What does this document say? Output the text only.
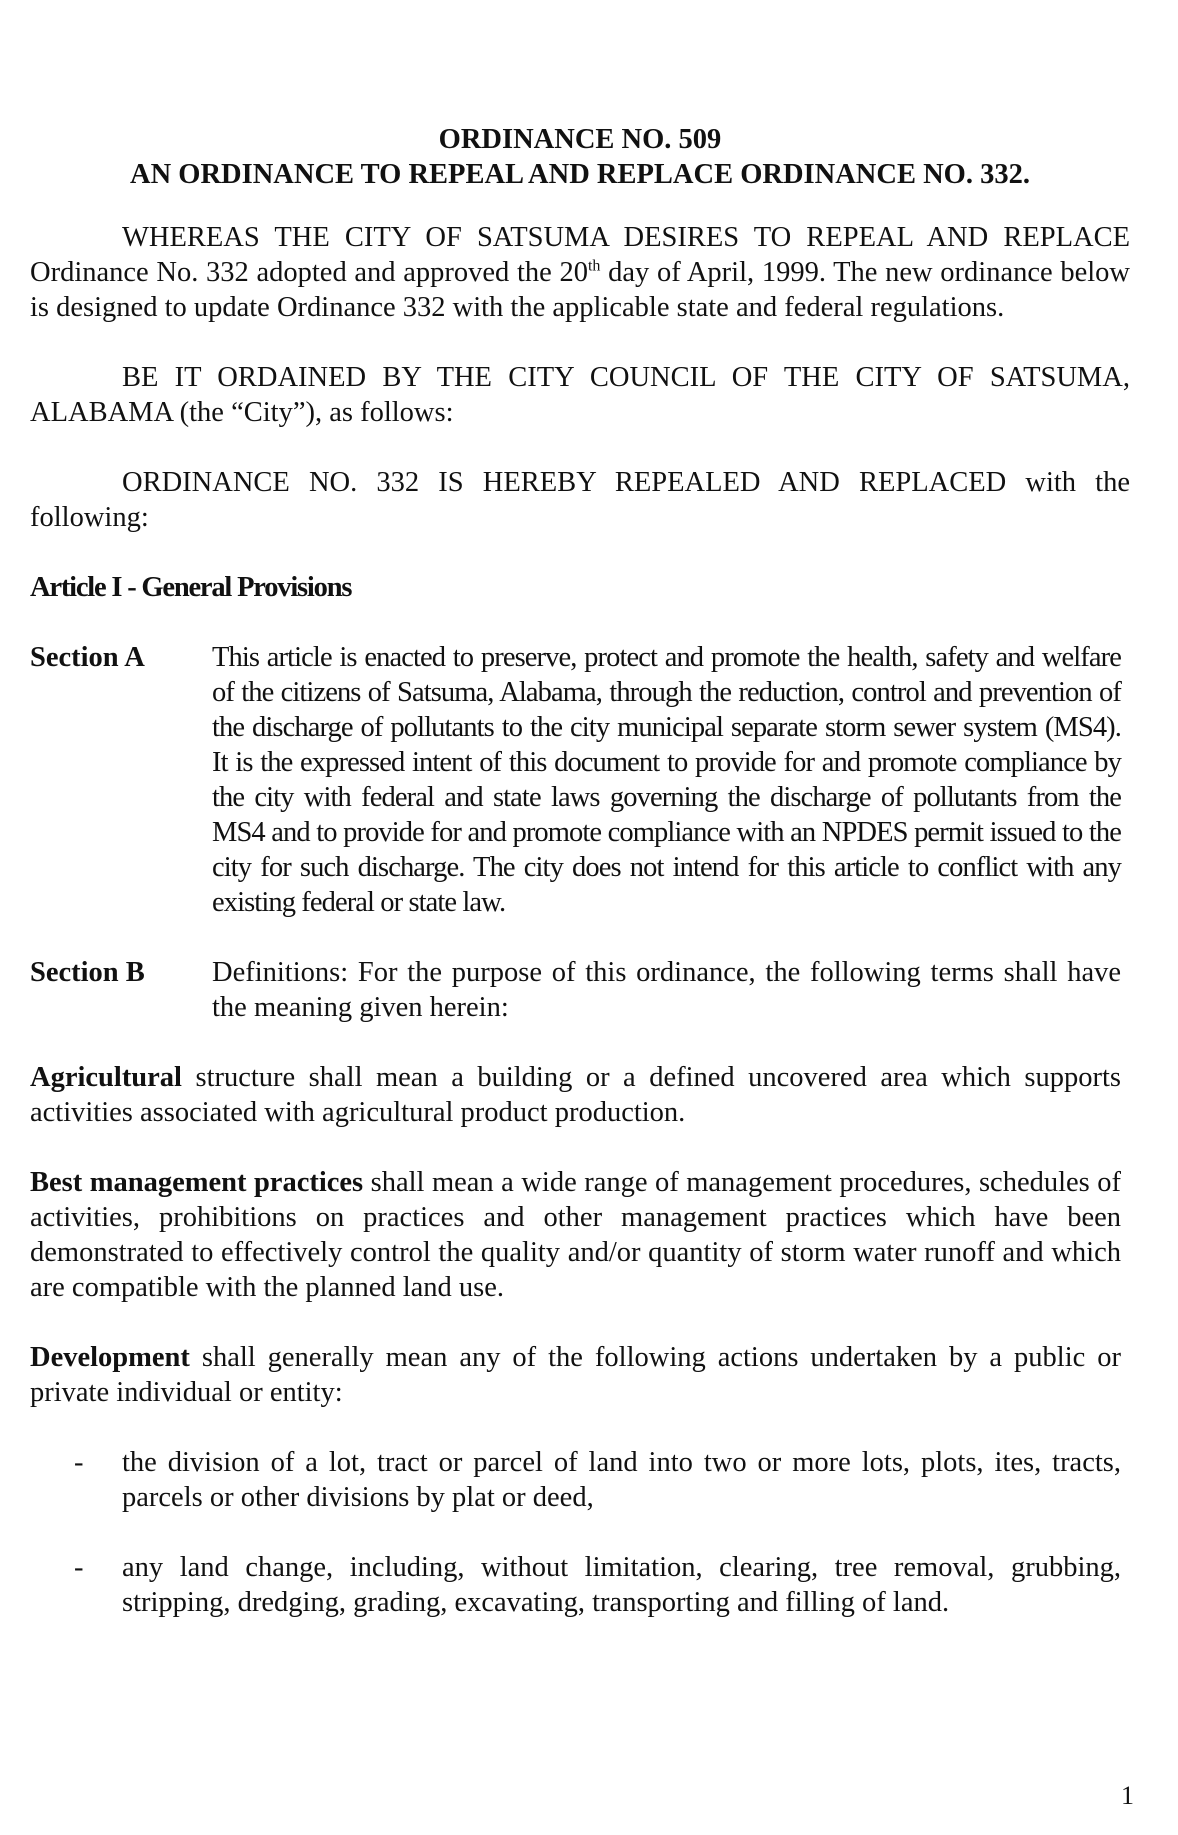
ORDINANCE NO. 509

AN ORDINANCE TO REPEAL AND REPLACE ORDINANCE NO. 332.

WHEREAS THE CITY OF SATSUMA DESIRES TO REPEAL AND REPLACE Ordinance No. 332 adopted and approved the 20th day of April, 1999. The new ordinance below is designed to update Ordinance 332 with the applicable state and federal regulations.

BE IT ORDAINED BY THE CITY COUNCIL OF THE CITY OF SATSUMA, ALABAMA (the “City”), as follows:

ORDINANCE NO. 332 IS HEREBY REPEALED AND REPLACED with the following:

Article I - General Provisions
Section A	This article is enacted to preserve, protect and promote the health, safety and welfare of the citizens of Satsuma, Alabama, through the reduction, control and prevention of the discharge of pollutants to the city municipal separate storm sewer system (MS4). It is the expressed intent of this document to provide for and promote compliance by the city with federal and state laws governing the discharge of pollutants from the MS4 and to provide for and promote compliance with an NPDES permit issued to the city for such discharge. The city does not intend for this article to conflict with any existing federal or state law.
Section B	Definitions: For the purpose of this ordinance, the following terms shall have the meaning given herein:

Agricultural structure shall mean a building or a defined uncovered area which supports activities associated with agricultural product production.

Best management practices shall mean a wide range of management procedures, schedules of activities, prohibitions on practices and other management practices which have been demonstrated to effectively control the quality and/or quantity of storm water runoff and which are compatible with the planned land use.

Development shall generally mean any of the following actions undertaken by a public or private individual or entity:

-	the division of a lot, tract or parcel of land into two or more lots, plots, ites, tracts, parcels or other divisions by plat or deed,
-	any land change, including, without limitation, clearing, tree removal, grubbing, stripping, dredging, grading, excavating, transporting and filling of land.
1
